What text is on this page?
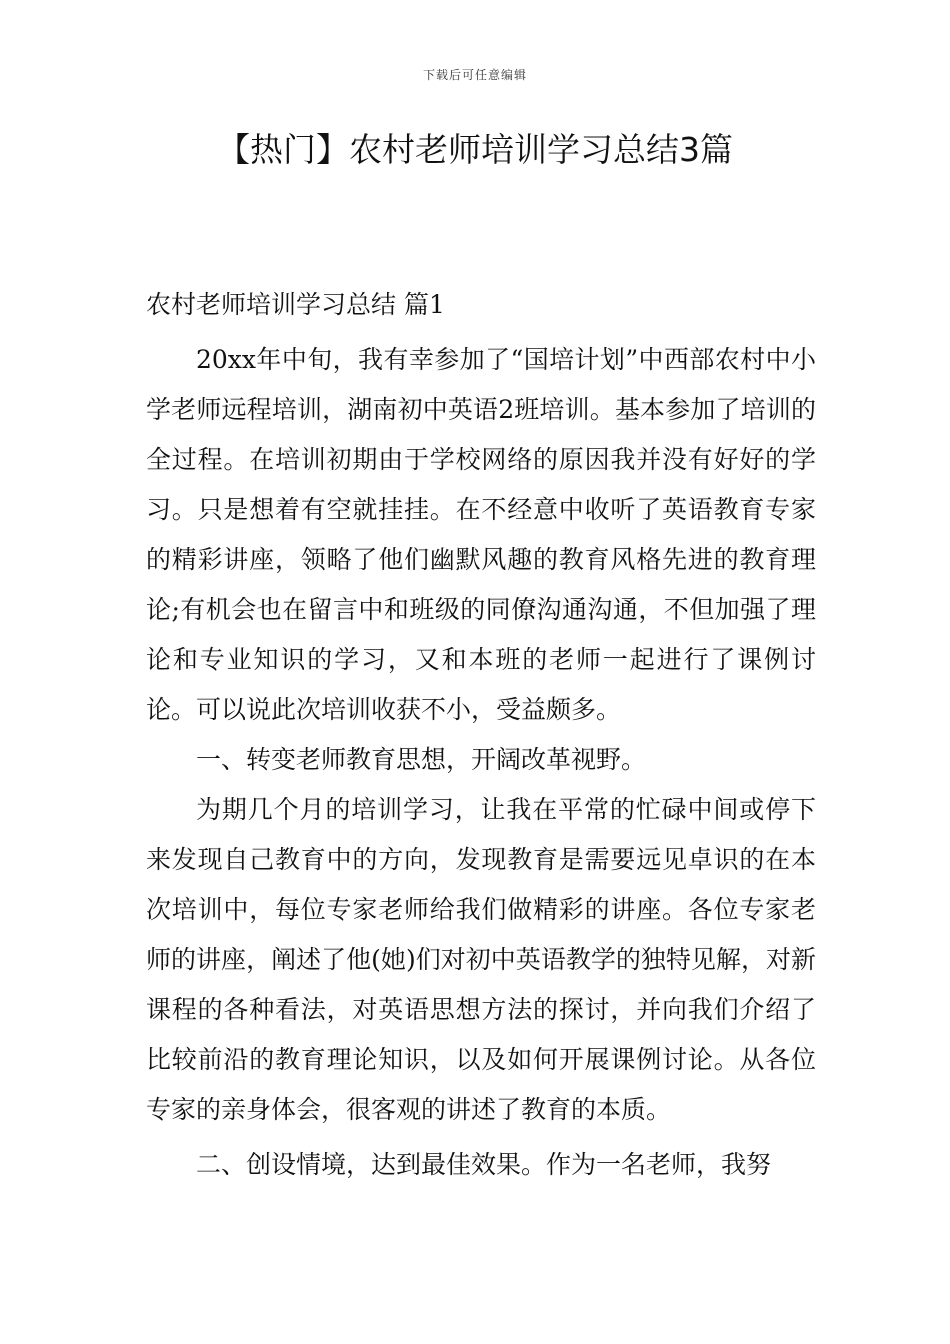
下载后可任意编辑
【热门】农村老师培训学习总结3篇

农村老师培训学习总结 篇1

20xx年中旬，我有幸参加了“国培计划”中西部农村中小学老师远程培训，湖南初中英语2班培训。基本参加了培训的全过程。在培训初期由于学校网络的原因我并没有好好的学习。只是想着有空就挂挂。在不经意中收听了英语教育专家的精彩讲座，领略了他们幽默风趣的教育风格先进的教育理论;有机会也在留言中和班级的同僚沟通沟通，不但加强了理论和专业知识的学习，又和本班的老师一起进行了课例讨论。可以说此次培训收获不小，受益颇多。

一、转变老师教育思想，开阔改革视野。

为期几个月的培训学习，让我在平常的忙碌中间或停下来发现自己教育中的方向，发现教育是需要远见卓识的在本次培训中，每位专家老师给我们做精彩的讲座。各位专家老师的讲座，阐述了他(她)们对初中英语教学的独特见解，对新课程的各种看法，对英语思想方法的探讨，并向我们介绍了比较前沿的教育理论知识，以及如何开展课例讨论。从各位专家的亲身体会，很客观的讲述了教育的本质。

二、创设情境，达到最佳效果。作为一名老师，我努
